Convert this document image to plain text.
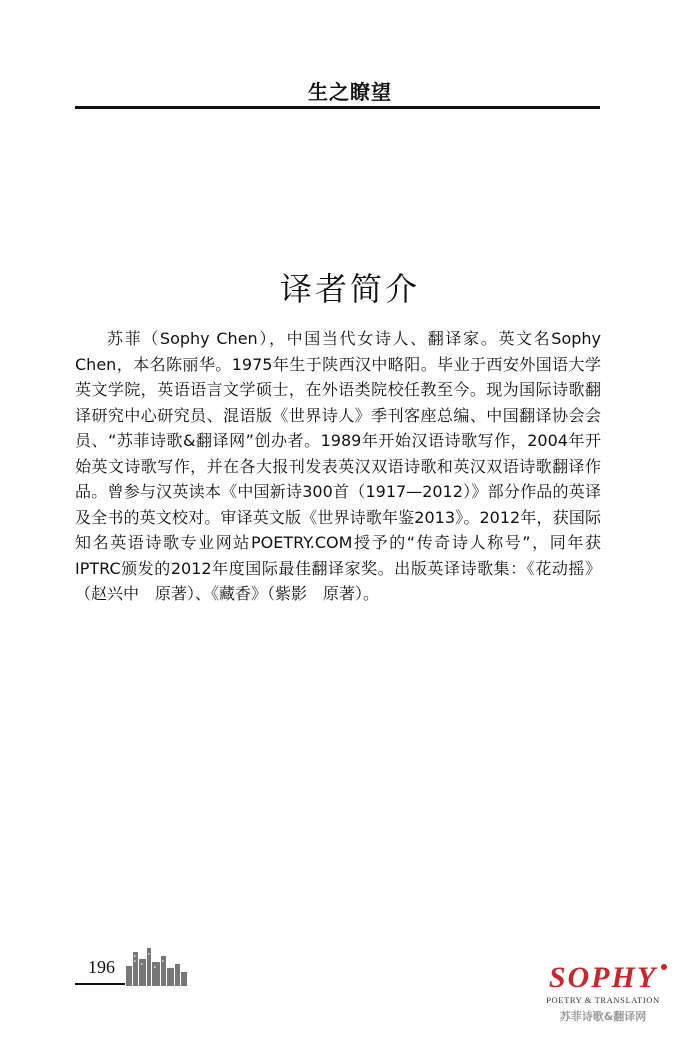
生之瞭望
译者简介

苏菲（Sophy Chen），中国当代女诗人、翻译家。英文名Sophy Chen，本名陈丽华。1975年生于陕西汉中略阳。毕业于西安外国语大学英文学院，英语语言文学硕士，在外语类院校任教至今。现为国际诗歌翻译研究中心研究员、混语版《世界诗人》季刊客座总编、中国翻译协会会员、“苏菲诗歌&翻译网”创办者。1989年开始汉语诗歌写作，2004年开始英文诗歌写作，并在各大报刊发表英汉双语诗歌和英汉双语诗歌翻译作品。曾参与汉英读本《中国新诗300首（1917—2012）》部分作品的英译及全书的英文校对。审译英文版《世界诗歌年鉴2013》。2012年，获国际知名英语诗歌专业网站POETRY.COM授予的“传奇诗人称号”，同年获IPTRC颁发的2012年度国际最佳翻译家奖。出版英译诗歌集：《花动摇》（赵兴中　原著）、《藏香》（紫影　原著）。

196	SOPHY
POETRY & TRANSLATION
苏菲诗歌&翻译网
